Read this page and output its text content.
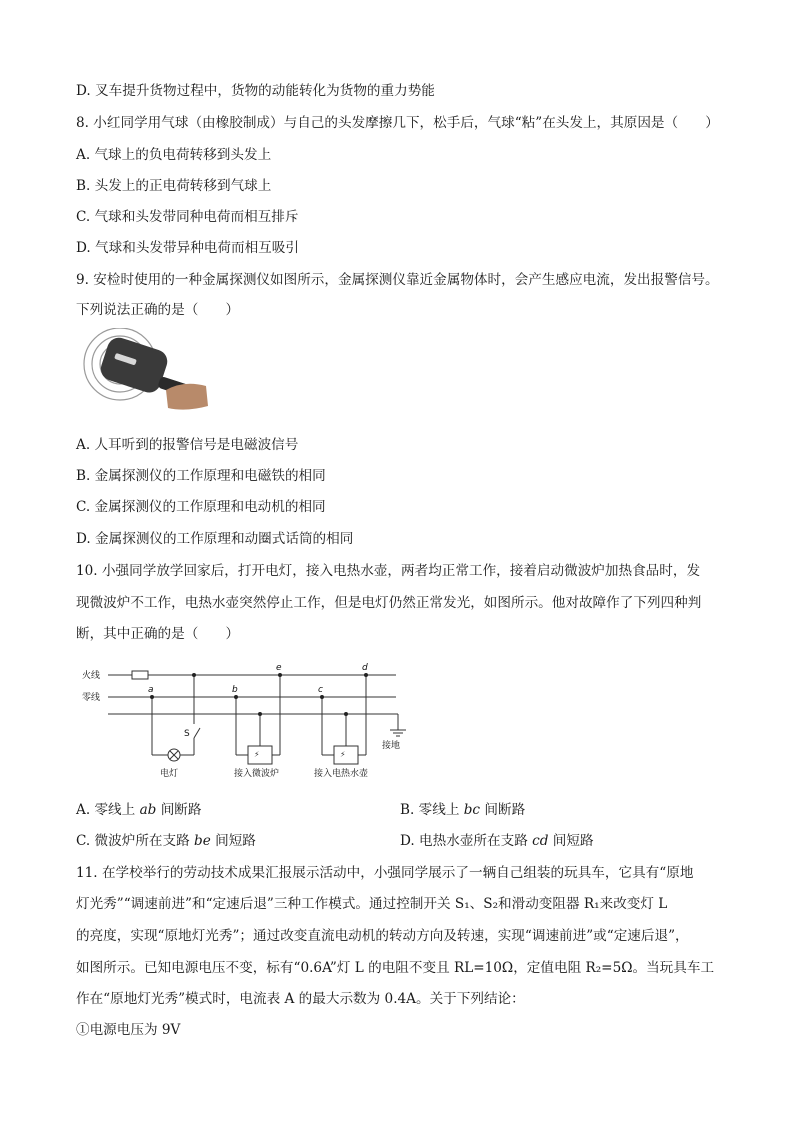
D. 叉车提升货物过程中，货物的动能转化为货物的重力势能
8. 小红同学用气球（由橡胶制成）与自己的头发摩擦几下，松手后，气球“粘”在头发上，其原因是（　　）
A. 气球上的负电荷转移到头发上
B. 头发上的正电荷转移到气球上
C. 气球和头发带同种电荷而相互排斥
D. 气球和头发带异种电荷而相互吸引
9. 安检时使用的一种金属探测仪如图所示，金属探测仪靠近金属物体时，会产生感应电流，发出报警信号。
下列说法正确的是（　　）
A. 人耳听到的报警信号是电磁波信号
B. 金属探测仪的工作原理和电磁铁的相同
C. 金属探测仪的工作原理和电动机的相同
D. 金属探测仪的工作原理和动圈式话筒的相同
10. 小强同学放学回家后，打开电灯，接入电热水壶，两者均正常工作，接着启动微波炉加热食品时，发
现微波炉不工作，电热水壶突然停止工作，但是电灯仍然正常发光，如图所示。他对故障作了下列四种判
断，其中正确的是（　　）
⚡	⚡
火线
零线
电灯	接入微波炉	接入电热水壶
接地
S
a	b	c
d
e
A. 零线上 ab 间断路	B. 零线上 bc 间断路
C. 微波炉所在支路 be 间短路	D. 电热水壶所在支路 cd 间短路
11. 在学校举行的劳动技术成果汇报展示活动中，小强同学展示了一辆自己组装的玩具车，它具有“原地
灯光秀”“调速前进”和“定速后退”三种工作模式。通过控制开关 S₁、S₂和滑动变阻器 R₁来改变灯 L
的亮度，实现“原地灯光秀”；通过改变直流电动机的转动方向及转速，实现“调速前进”或“定速后退”，
如图所示。已知电源电压不变，标有“0.6A”灯 L 的电阻不变且 RL=10Ω，定值电阻 R₂=5Ω。当玩具车工
作在“原地灯光秀”模式时，电流表 A 的最大示数为 0.4A。关于下列结论：
①电源电压为 9V
